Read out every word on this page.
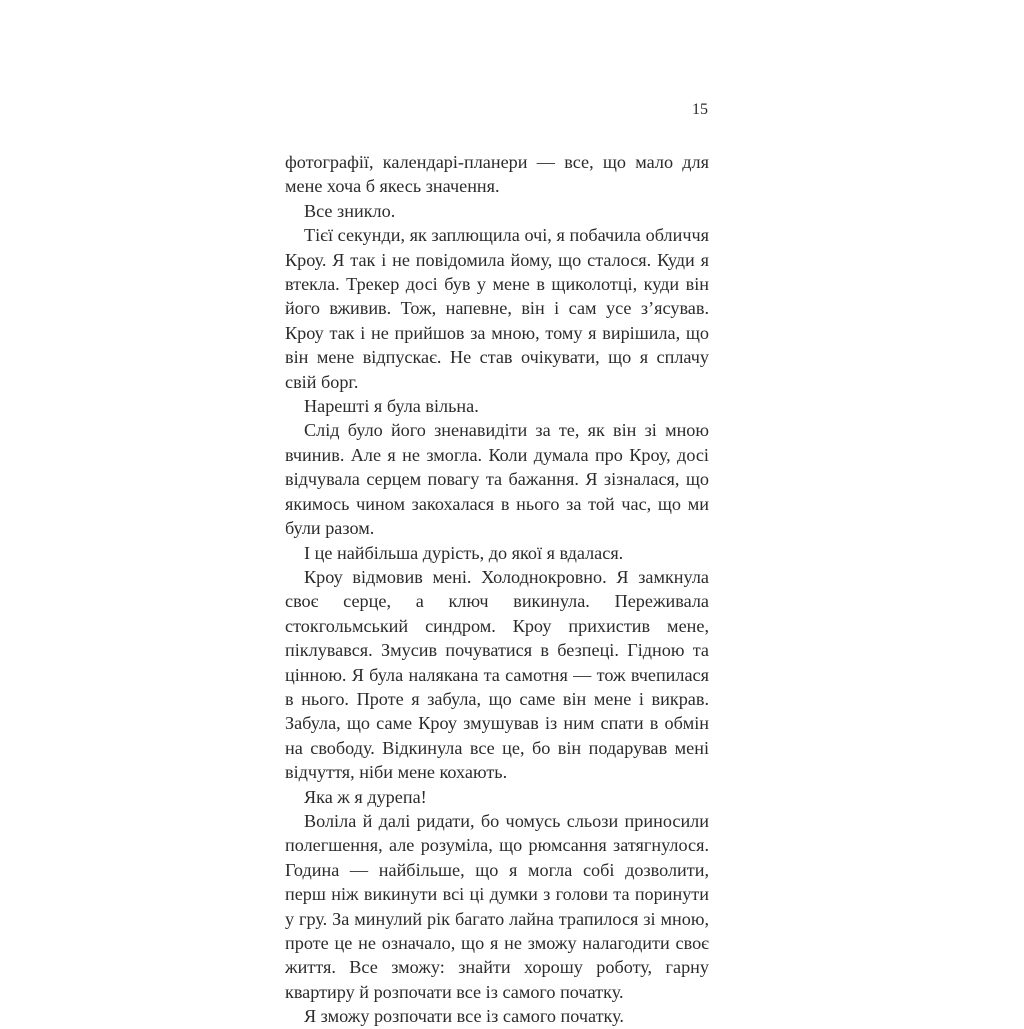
15

фотографії, календарі-планери — все, що мало для мене хоча б якесь значення.

Все зникло.

Тієї секунди, як заплющила очі, я побачила обличчя Кроу. Я так і не повідомила йому, що сталося. Куди я втекла. Трекер досі був у мене в щиколотці, куди він його вживив. Тож, напевне, він і сам усе з’ясував. Кроу так і не прийшов за мною, тому я вирішила, що він мене відпускає. Не став очікувати, що я сплачу свій борг.

Нарешті я була вільна.

Слід було його зненавидіти за те, як він зі мною вчинив. Але я не змогла. Коли думала про Кроу, досі відчувала серцем повагу та бажання. Я зізналася, що якимось чином закохалася в нього за той час, що ми були разом.

І це найбільша дурість, до якої я вдалася.

Кроу відмовив мені. Холоднокровно. Я замкнула своє серце, а ключ викинула. Переживала стокгольмський синдром. Кроу прихистив мене, піклувався. Змусив почуватися в безпеці. Гідною та цінною. Я була налякана та самотня — тож вчепилася в нього. Проте я забула, що саме він мене і викрав. Забула, що саме Кроу змушував із ним спати в обмін на свободу. Відкинула все це, бо він подарував мені відчуття, ніби мене кохають.

Яка ж я дурепа!

Воліла й далі ридати, бо чомусь сльози приносили полегшення, але розуміла, що рюмсання затягнулося. Година — найбільше, що я могла собі дозволити, перш ніж викинути всі ці думки з голови та поринути у гру. За минулий рік багато лайна трапилося зі мною, проте це не означало, що я не зможу налагодити своє життя. Все зможу: знайти хорошу роботу, гарну квартиру й розпочати все із самого початку.

Я зможу розпочати все із самого початку.
